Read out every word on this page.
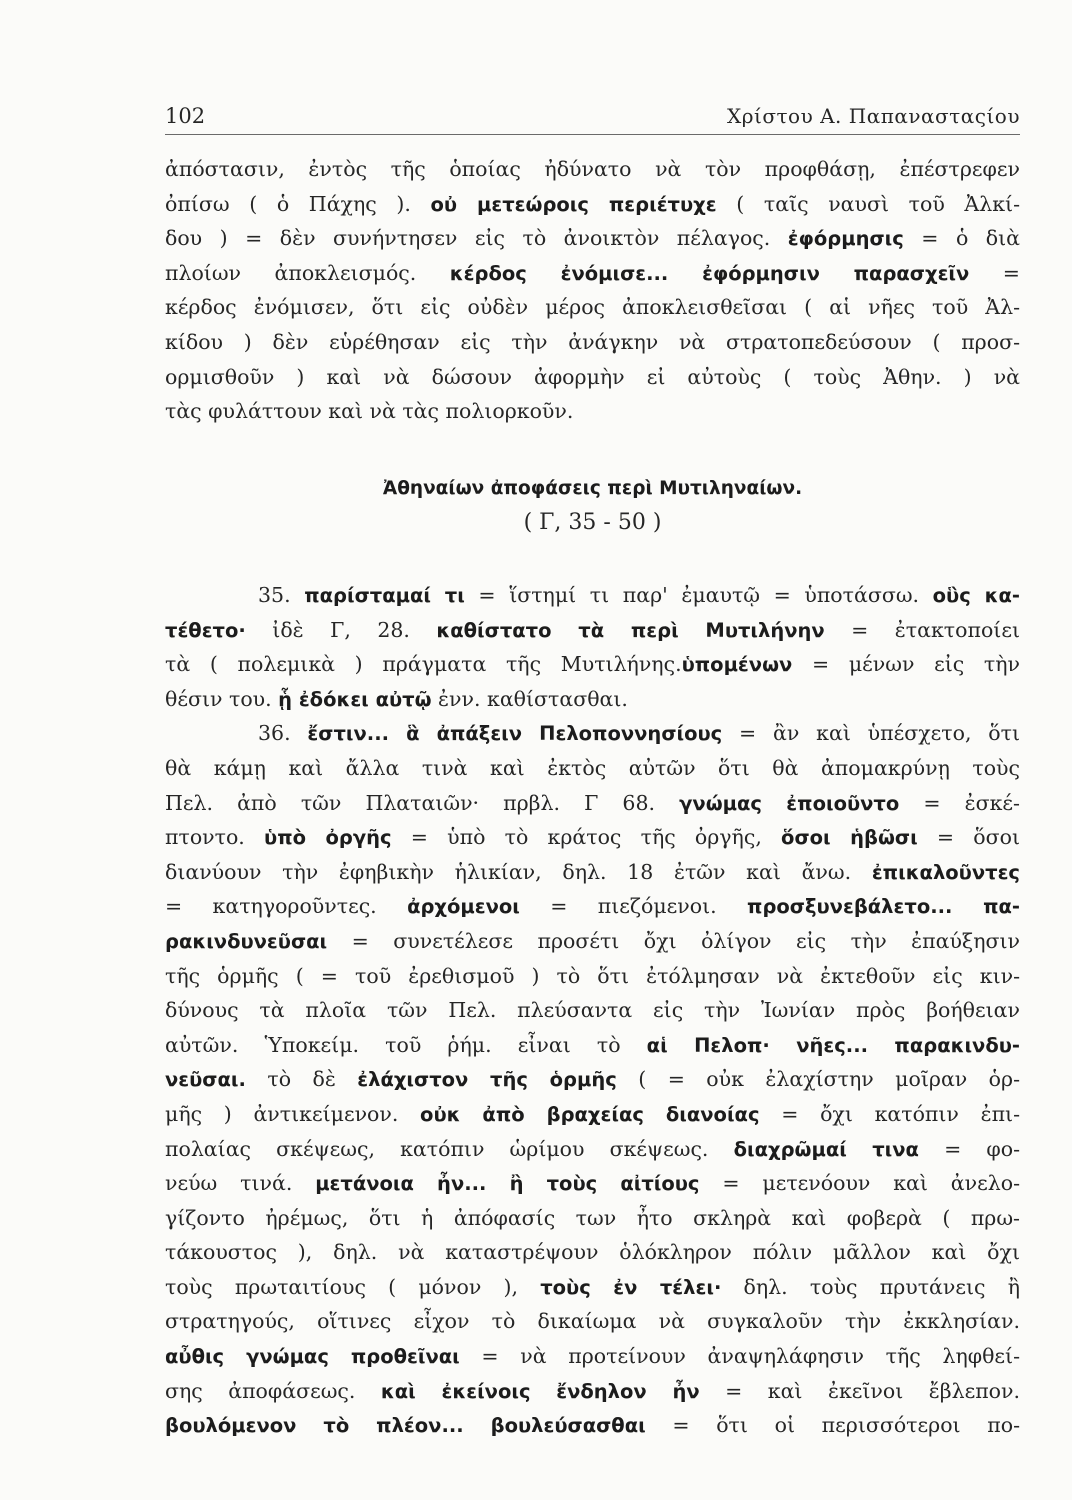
102	Χρίστου Α. Παπανασταςίου
ἀπόστασιν, ἐντὸς τῆς ὁποίας ἠδύνατο νὰ τὸν προφθάσῃ, ἐπέστρεφεν
ὀπίσω ( ὁ Πάχης ). οὐ μετεώροις περιέτυχε ( ταῖς ναυσὶ τοῦ Ἀλκί-
δου ) = δὲν συνήντησεν εἰς τὸ ἀνοικτὸν πέλαγος. ἐφόρμησις = ὁ διὰ
πλοίων ἀποκλεισμός. κέρδος ἐνόμισε... ἐφόρμησιν παρασχεῖν =
κέρδος ἐνόμισεν, ὅτι εἰς οὐδὲν μέρος ἀποκλεισθεῖσαι ( αἱ νῆες τοῦ Ἀλ-
κίδου ) δὲν εὑρέθησαν εἰς τὴν ἀνάγκην νὰ στρατοπεδεύσουν ( προσ-
ορμισθοῦν ) καὶ νὰ δώσουν ἀφορμὴν εἰ αὐτοὺς ( τοὺς Ἀθην. ) νὰ
τὰς φυλάττουν καὶ νὰ τὰς πολιορκοῦν.
Ἀθηναίων ἀποφάσεις περὶ Μυτιληναίων.
( Γ, 35 - 50 )
35. παρίσταμαί τι = ἵστημί τι παρ' ἐμαυτῷ = ὑποτάσσω. οὓς κα-
τέθετο· ἰδὲ Γ, 28. καθίστατο τὰ περὶ Μυτιλήνην = ἐτακτοποίει
τὰ ( πολεμικὰ ) πράγματα τῆς Μυτιλήνης.ὑπομένων = μένων εἰς τὴν
θέσιν του. ᾗ ἐδόκει αὐτῷ ἐνν. καθίστασθαι.
36. ἔστιν... ἃ ἀπάξειν Πελοποννησίους = ἂν καὶ ὑπέσχετο, ὅτι
θὰ κάμῃ καὶ ἄλλα τινὰ καὶ ἐκτὸς αὐτῶν ὅτι θὰ ἀπομακρύνῃ τοὺς
Πελ. ἀπὸ τῶν Πλαταιῶν· πρβλ. Γ 68. γνώμας ἐποιοῦντο = ἐσκέ-
πτοντο. ὑπὸ ὀργῆς = ὑπὸ τὸ κράτος τῆς ὀργῆς, ὅσοι ἡβῶσι = ὅσοι
διανύουν τὴν ἐφηβικὴν ἡλικίαν, δηλ. 18 ἐτῶν καὶ ἄνω. ἐπικαλοῦντες
= κατηγοροῦντες. ἀρχόμενοι = πιεζόμενοι. προσξυνεβάλετο... πα-
ρακινδυνεῦσαι = συνετέλεσε προσέτι ὄχι ὀλίγον εἰς τὴν ἐπαύξησιν
τῆς ὁρμῆς ( = τοῦ ἐρεθισμοῦ ) τὸ ὅτι ἐτόλμησαν νὰ ἐκτεθοῦν εἰς κιν-
δύνους τὰ πλοῖα τῶν Πελ. πλεύσαντα εἰς τὴν Ἰωνίαν πρὸς βοήθειαν
αὐτῶν. Ὑποκείμ. τοῦ ῥήμ. εἶναι τὸ αἱ Πελοπ· νῆες... παρακινδυ-
νεῦσαι. τὸ δὲ ἐλάχιστον τῆς ὁρμῆς ( = οὐκ ἐλαχίστην μοῖραν ὁρ-
μῆς ) ἀντικείμενον. οὐκ ἀπὸ βραχείας διανοίας = ὄχι κατόπιν ἐπι-
πολαίας σκέψεως, κατόπιν ὡρίμου σκέψεως. διαχρῶμαί τινα = φο-
νεύω τινά. μετάνοια ἦν... ἢ τοὺς αἰτίους = μετενόουν καὶ ἀνελο-
γίζοντο ἠρέμως, ὅτι ἡ ἀπόφασίς των ἦτο σκληρὰ καὶ φοβερὰ ( πρω-
τάκουστος ), δηλ. νὰ καταστρέψουν ὁλόκληρον πόλιν μᾶλλον καὶ ὄχι
τοὺς πρωταιτίους ( μόνον ), τοὺς ἐν τέλει· δηλ. τοὺς πρυτάνεις ἢ
στρατηγούς, οἵτινες εἶχον τὸ δικαίωμα νὰ συγκαλοῦν τὴν ἐκκλησίαν.
αὖθις γνώμας προθεῖναι = νὰ προτείνουν ἀναψηλάφησιν τῆς ληφθεί-
σης ἀποφάσεως. καὶ ἐκείνοις ἔνδηλον ἦν = καὶ ἐκεῖνοι ἔβλεπον.
βουλόμενον τὸ πλέον... βουλεύσασθαι = ὅτι οἱ περισσότεροι πο-
